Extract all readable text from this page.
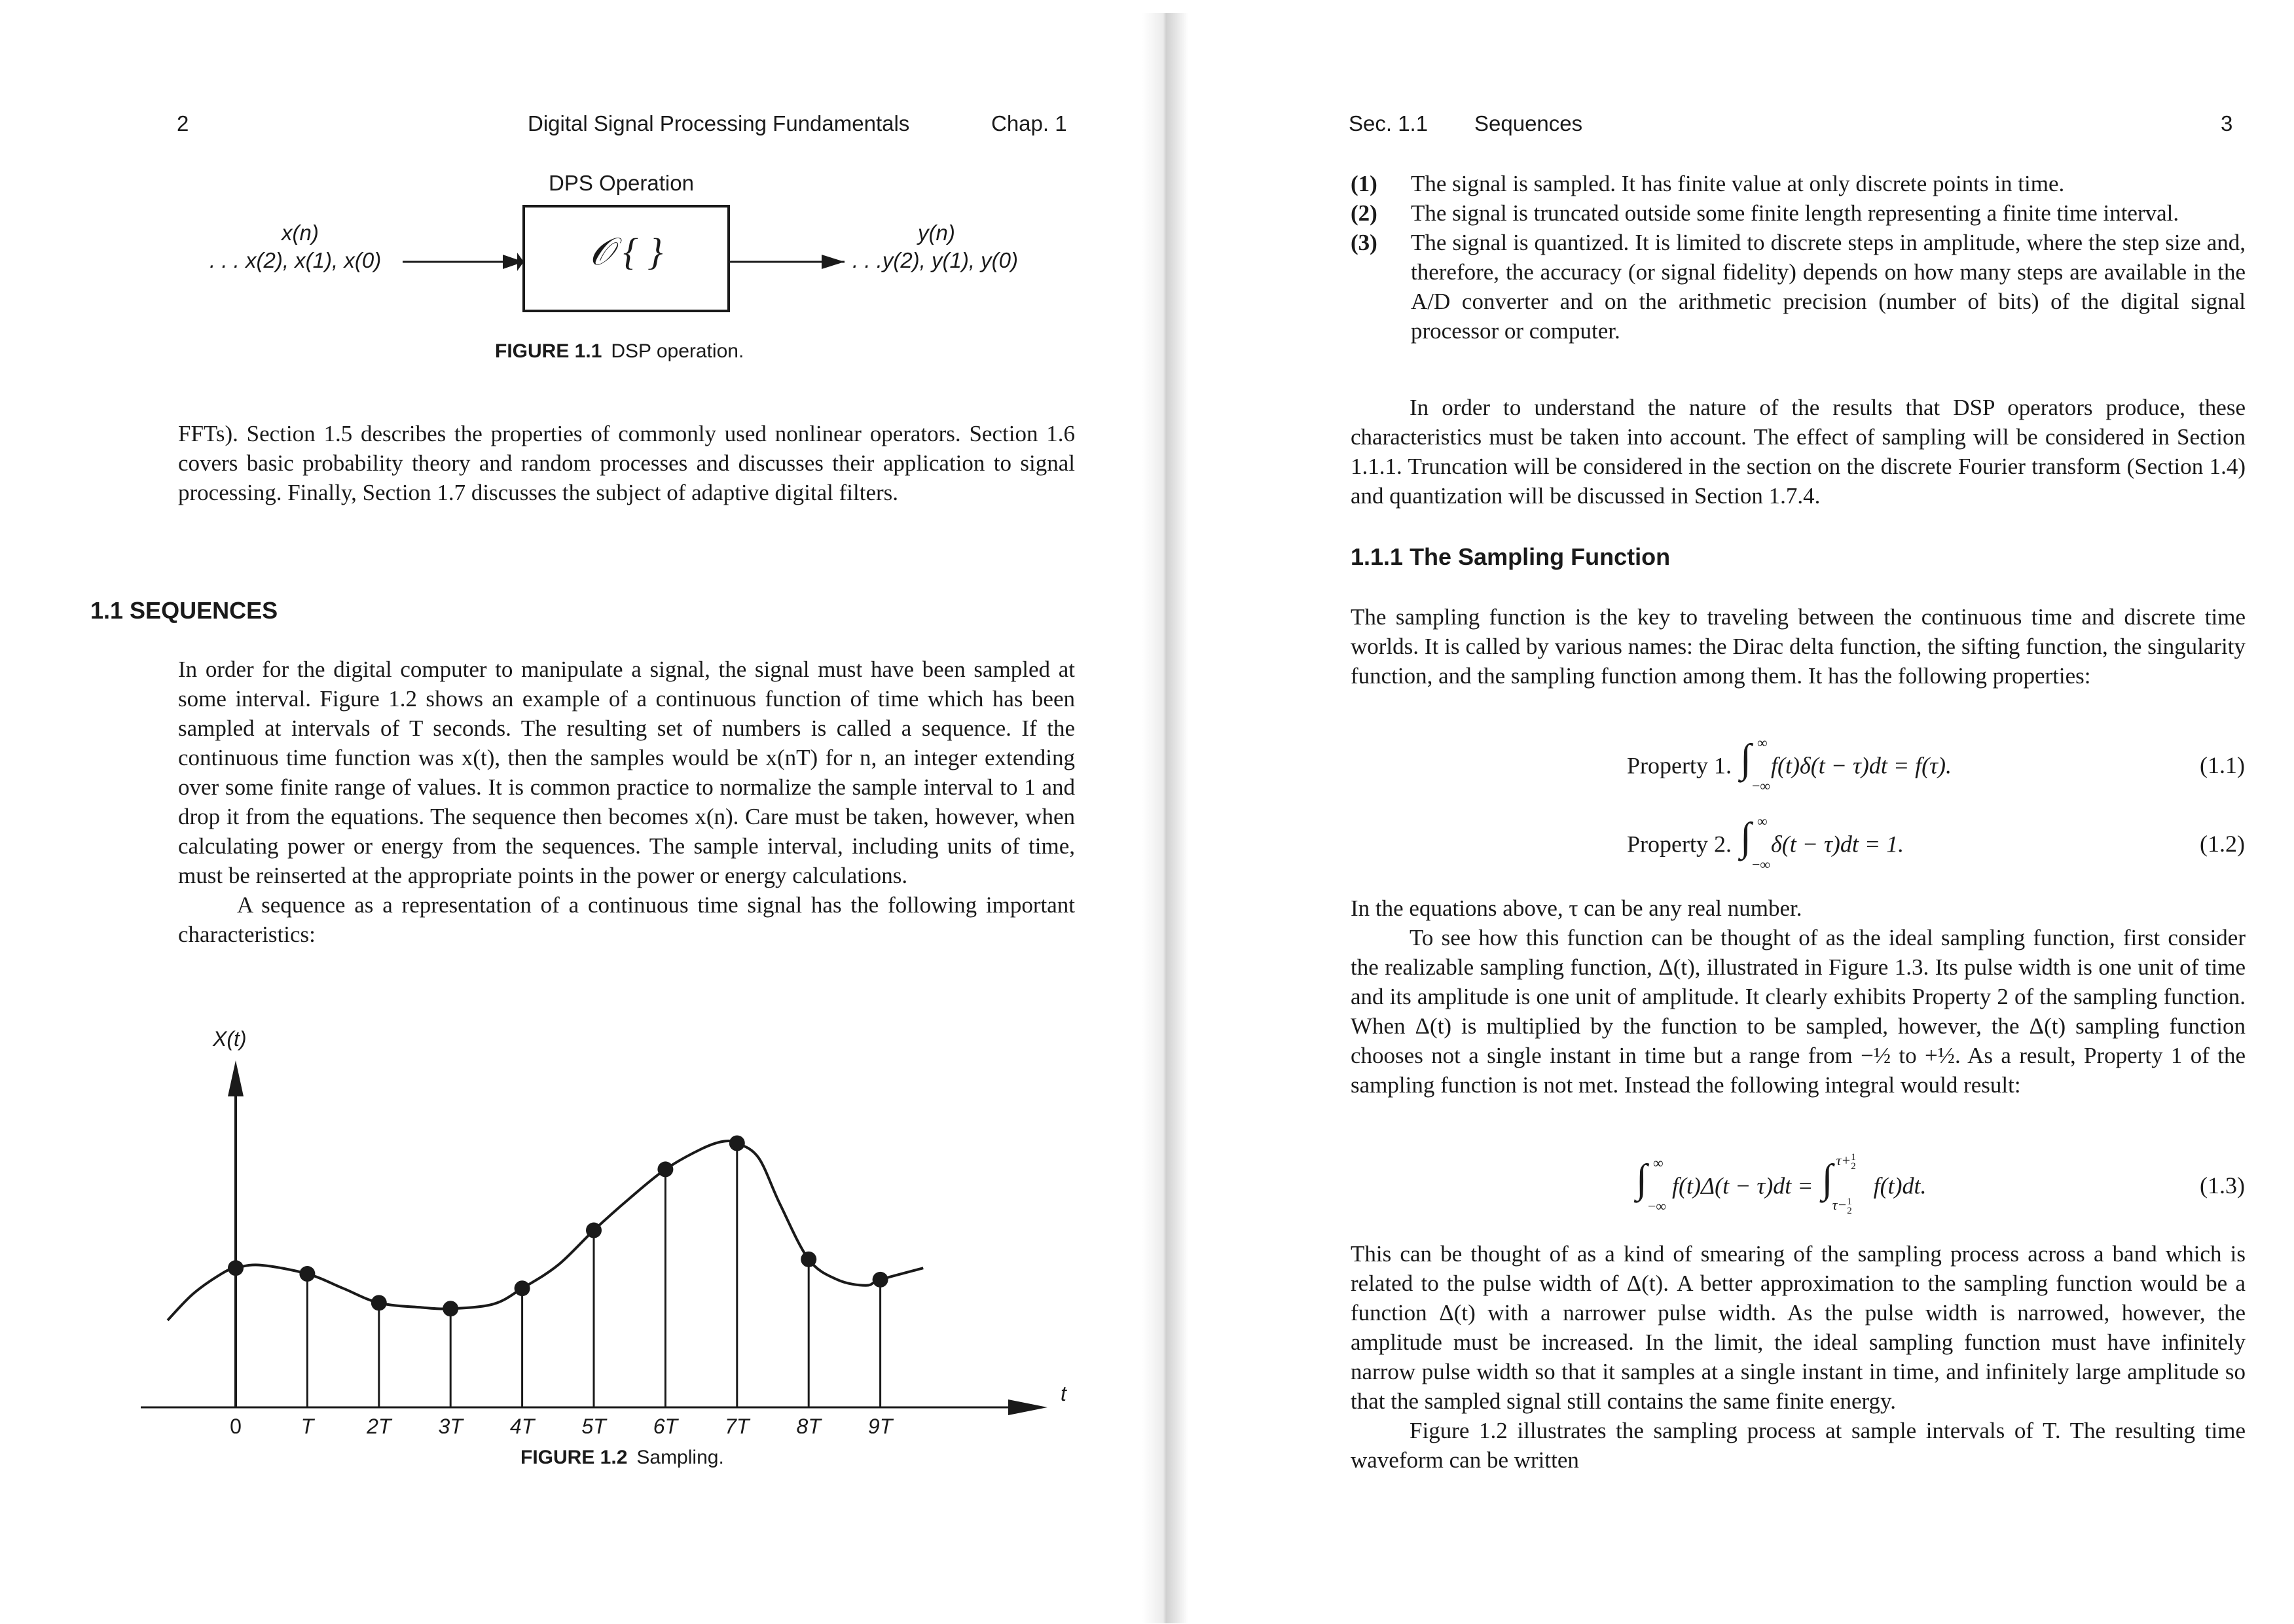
2	Digital Signal Processing Fundamentals	Chap. 1
DPS Operation
x(n)
. . . x(2), x(1), x(0)	𝒪 { }	y(n)
. . .y(2), y(1), y(0)
FIGURE 1.1 DSP operation.
FFTs). Section 1.5 describes the properties of commonly used nonlinear operators. Section 1.6 covers basic probability theory and random processes and discusses their application to signal processing. Finally, Section 1.7 discusses the subject of adaptive digital filters.
1.1 SEQUENCES

In order for the digital computer to manipulate a signal, the signal must have been sampled at some interval. Figure 1.2 shows an example of a continuous function of time which has been sampled at intervals of T seconds. The resulting set of numbers is called a sequence. If the continuous time function was x(t), then the samples would be x(nT) for n, an integer extending over some finite range of values. It is common practice to normalize the sample interval to 1 and drop it from the equations. The sequence then becomes x(n). Care must be taken, however, when calculating power or energy from the sequences. The sample interval, including units of time, must be reinserted at the appropriate points in the power or energy calculations.

A sequence as a representation of a continuous time signal has the following important characteristics:

X(t)
t
0	T	2T 3T 4T 5T 6T 7T 8T 9T
FIGURE 1.2 Sampling.
Sec. 1.1 Sequences	3
(1)	The signal is sampled. It has finite value at only discrete points in time.
(2)	The signal is truncated outside some finite length representing a finite time interval.
(3)	The signal is quantized. It is limited to discrete steps in amplitude, where the step size and, therefore, the accuracy (or signal fidelity) depends on how many steps are available in the A/D converter and on the arithmetic precision (number of bits) of the digital signal processor or computer.
In order to understand the nature of the results that DSP operators produce, these characteristics must be taken into account. The effect of sampling will be considered in Section 1.1.1. Truncation will be considered in the section on the discrete Fourier transform (Section 1.4) and quantization will be discussed in Section 1.7.4.
1.1.1 The Sampling Function
The sampling function is the key to traveling between the continuous time and discrete time worlds. It is called by various names: the Dirac delta function, the sifting function, the singularity function, and the sampling function among them. It has the following properties:
Property 1. ∫ ∞
−∞
f(t)δ(t − τ)dt = f(τ).	(1.1)
Property 2. ∫ ∞
−∞
δ(t − τ)dt = 1.	(1.2)

In the equations above, τ can be any real number.

To see how this function can be thought of as the ideal sampling function, first consider the realizable sampling function, Δ(t), illustrated in Figure 1.3. Its pulse width is one unit of time and its amplitude is one unit of amplitude. It clearly exhibits Property 2 of the sampling function. When Δ(t) is multiplied by the function to be sampled, however, the Δ(t) sampling function chooses not a single instant in time but a range from −½ to +½. As a result, Property 1 of the sampling function is not met. Instead the following integral would result:

∫ ∞
−∞
f(t)Δ(t − τ)dt = ∫ τ+1
2
τ−1
2
f(t)dt.	(1.3)

This can be thought of as a kind of smearing of the sampling process across a band which is related to the pulse width of Δ(t). A better approximation to the sampling function would be a function Δ(t) with a narrower pulse width. As the pulse width is narrowed, however, the amplitude must be increased. In the limit, the ideal sampling function must have infinitely narrow pulse width so that it samples at a single instant in time, and infinitely large amplitude so that the sampled signal still contains the same finite energy.

Figure 1.2 illustrates the sampling process at sample intervals of T. The resulting time waveform can be written
